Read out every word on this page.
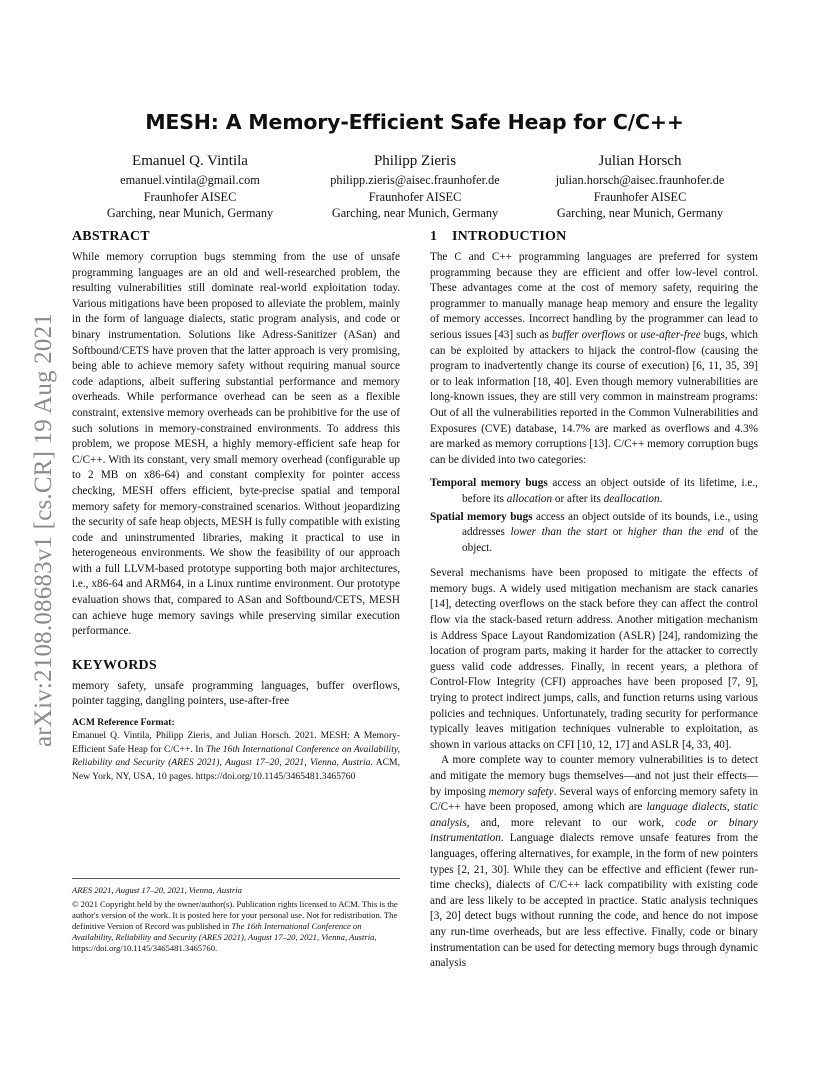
arXiv:2108.08683v1 [cs.CR] 19 Aug 2021
MESH: A Memory-Efficient Safe Heap for C/C++
Emanuel Q. Vintila
emanuel.vintila@gmail.com
Fraunhofer AISEC
Garching, near Munich, Germany
Philipp Zieris
philipp.zieris@aisec.fraunhofer.de
Fraunhofer AISEC
Garching, near Munich, Germany
Julian Horsch
julian.horsch@aisec.fraunhofer.de
Fraunhofer AISEC
Garching, near Munich, Germany
ABSTRACT

While memory corruption bugs stemming from the use of unsafe programming languages are an old and well-researched problem, the resulting vulnerabilities still dominate real-world exploitation today. Various mitigations have been proposed to alleviate the problem, mainly in the form of language dialects, static program analysis, and code or binary instrumentation. Solutions like Adress-Sanitizer (ASan) and Softbound/CETS have proven that the latter approach is very promising, being able to achieve memory safety without requiring manual source code adaptions, albeit suffering substantial performance and memory overheads. While performance overhead can be seen as a flexible constraint, extensive memory overheads can be prohibitive for the use of such solutions in memory-constrained environments. To address this problem, we propose MESH, a highly memory-efficient safe heap for C/C++. With its constant, very small memory overhead (configurable up to 2 MB on x86-64) and constant complexity for pointer access checking, MESH offers efficient, byte-precise spatial and temporal memory safety for memory-constrained scenarios. Without jeopardizing the security of safe heap objects, MESH is fully compatible with existing code and uninstrumented libraries, making it practical to use in heterogeneous environments. We show the feasibility of our approach with a full LLVM-based prototype supporting both major architectures, i.e., x86-64 and ARM64, in a Linux runtime environment. Our prototype evaluation shows that, compared to ASan and Softbound/CETS, MESH can achieve huge memory savings while preserving similar execution performance.

KEYWORDS

memory safety, unsafe programming languages, buffer overflows, pointer tagging, dangling pointers, use-after-free

ACM Reference Format:

Emanuel Q. Vintila, Philipp Zieris, and Julian Horsch. 2021. MESH: A Memory-Efficient Safe Heap for C/C++. In The 16th International Conference on Availability, Reliability and Security (ARES 2021), August 17–20, 2021, Vienna, Austria. ACM, New York, NY, USA, 10 pages. https://doi.org/10.1145/3465481.3465760

ARES 2021, August 17–20, 2021, Vienna, Austria

© 2021 Copyright held by the owner/author(s). Publication rights licensed to ACM. This is the author's version of the work. It is posted here for your personal use. Not for redistribution. The definitive Version of Record was published in The 16th International Conference on Availability, Reliability and Security (ARES 2021), August 17–20, 2021, Vienna, Austria, https://doi.org/10.1145/3465481.3465760.

1 INTRODUCTION

The C and C++ programming languages are preferred for system programming because they are efficient and offer low-level control. These advantages come at the cost of memory safety, requiring the programmer to manually manage heap memory and ensure the legality of memory accesses. Incorrect handling by the programmer can lead to serious issues [43] such as buffer overflows or use-after-free bugs, which can be exploited by attackers to hijack the control-flow (causing the program to inadvertently change its course of execution) [6, 11, 35, 39] or to leak information [18, 40]. Even though memory vulnerabilities are long-known issues, they are still very common in mainstream programs: Out of all the vulnerabilities reported in the Common Vulnerabilities and Exposures (CVE) database, 14.7% are marked as overflows and 4.3% are marked as memory corruptions [13]. C/C++ memory corruption bugs can be divided into two categories:

Temporal memory bugs access an object outside of its lifetime, i.e., before its allocation or after its deallocation.

Spatial memory bugs access an object outside of its bounds, i.e., using addresses lower than the start or higher than the end of the object.

Several mechanisms have been proposed to mitigate the effects of memory bugs. A widely used mitigation mechanism are stack canaries [14], detecting overflows on the stack before they can affect the control flow via the stack-based return address. Another mitigation mechanism is Address Space Layout Randomization (ASLR) [24], randomizing the location of program parts, making it harder for the attacker to correctly guess valid code addresses. Finally, in recent years, a plethora of Control-Flow Integrity (CFI) approaches have been proposed [7, 9], trying to protect indirect jumps, calls, and function returns using various policies and techniques. Unfortunately, trading security for performance typically leaves mitigation techniques vulnerable to exploitation, as shown in various attacks on CFI [10, 12, 17] and ASLR [4, 33, 40].

A more complete way to counter memory vulnerabilities is to detect and mitigate the memory bugs themselves—and not just their effects—by imposing memory safety. Several ways of enforcing memory safety in C/C++ have been proposed, among which are language dialects, static analysis, and, more relevant to our work, code or binary instrumentation. Language dialects remove unsafe features from the languages, offering alternatives, for example, in the form of new pointers types [2, 21, 30]. While they can be effective and efficient (fewer run-time checks), dialects of C/C++ lack compatibility with existing code and are less likely to be accepted in practice. Static analysis techniques [3, 20] detect bugs without running the code, and hence do not impose any run-time overheads, but are less effective. Finally, code or binary instrumentation can be used for detecting memory bugs through dynamic analysis
